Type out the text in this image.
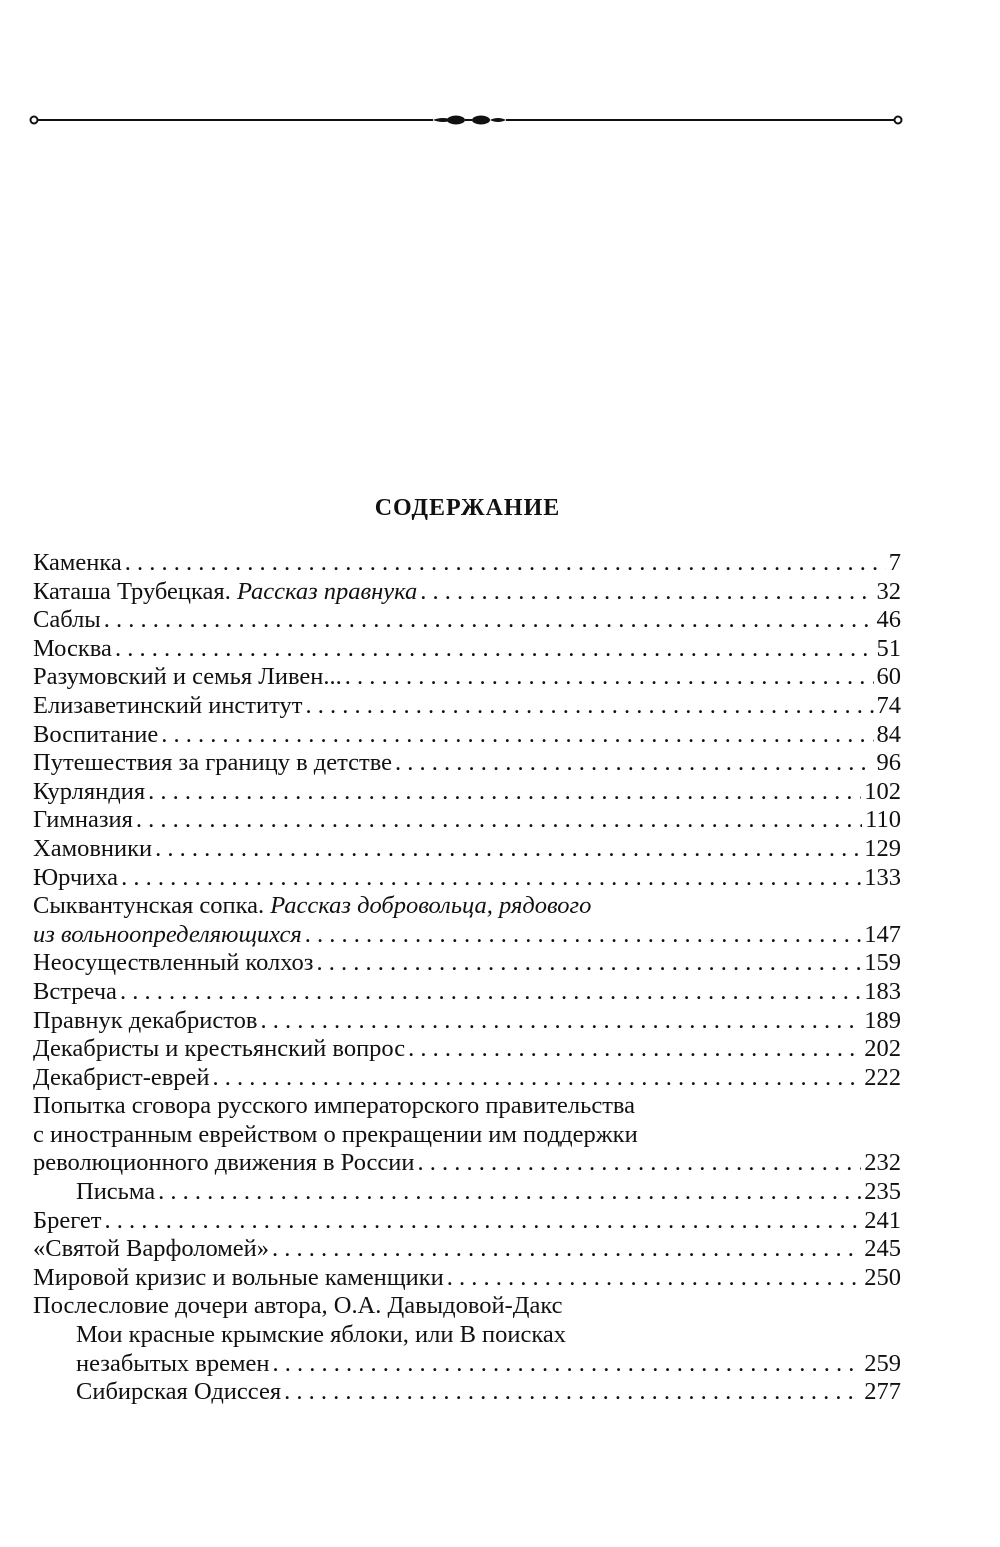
СОДЕРЖАНИЕ
Каменка . . .	7
Каташа Трубецкая. Рассказ правнука . . .	32
Саблы . . .	46
Москва . . .	51
Разумовский и семья Ливен... . . .	60
Елизаветинский институт . . .	74
Воспитание . . .	84
Путешествия за границу в детстве . . .	96
Курляндия . . .	102
Гимназия . . .	110
Хамовники . . .	129
Юрчиха . . .	133
Сыквантунская сопка. Рассказ добровольца, рядового
из вольноопределяющихся . . .	147
Неосуществленный колхоз . . .	159
Встреча . . .	183
Правнук декабристов . . .	189
Декабристы и крестьянский вопрос . . .	202
Декабрист-еврей . . .	222
Попытка сговора русского императорского правительства
с иностранным еврейством о прекращении им поддержки
революционного движения в России . . .	232
Письма . . .	235
Брегет . . .	241
«Святой Варфоломей» . . .	245
Мировой кризис и вольные каменщики . . .	250
Послесловие дочери автора, О.А. Давыдовой-Дакс
Мои красные крымские яблоки, или В поисках
незабытых времен . . .	259
Сибирская Одиссея . . .	277
